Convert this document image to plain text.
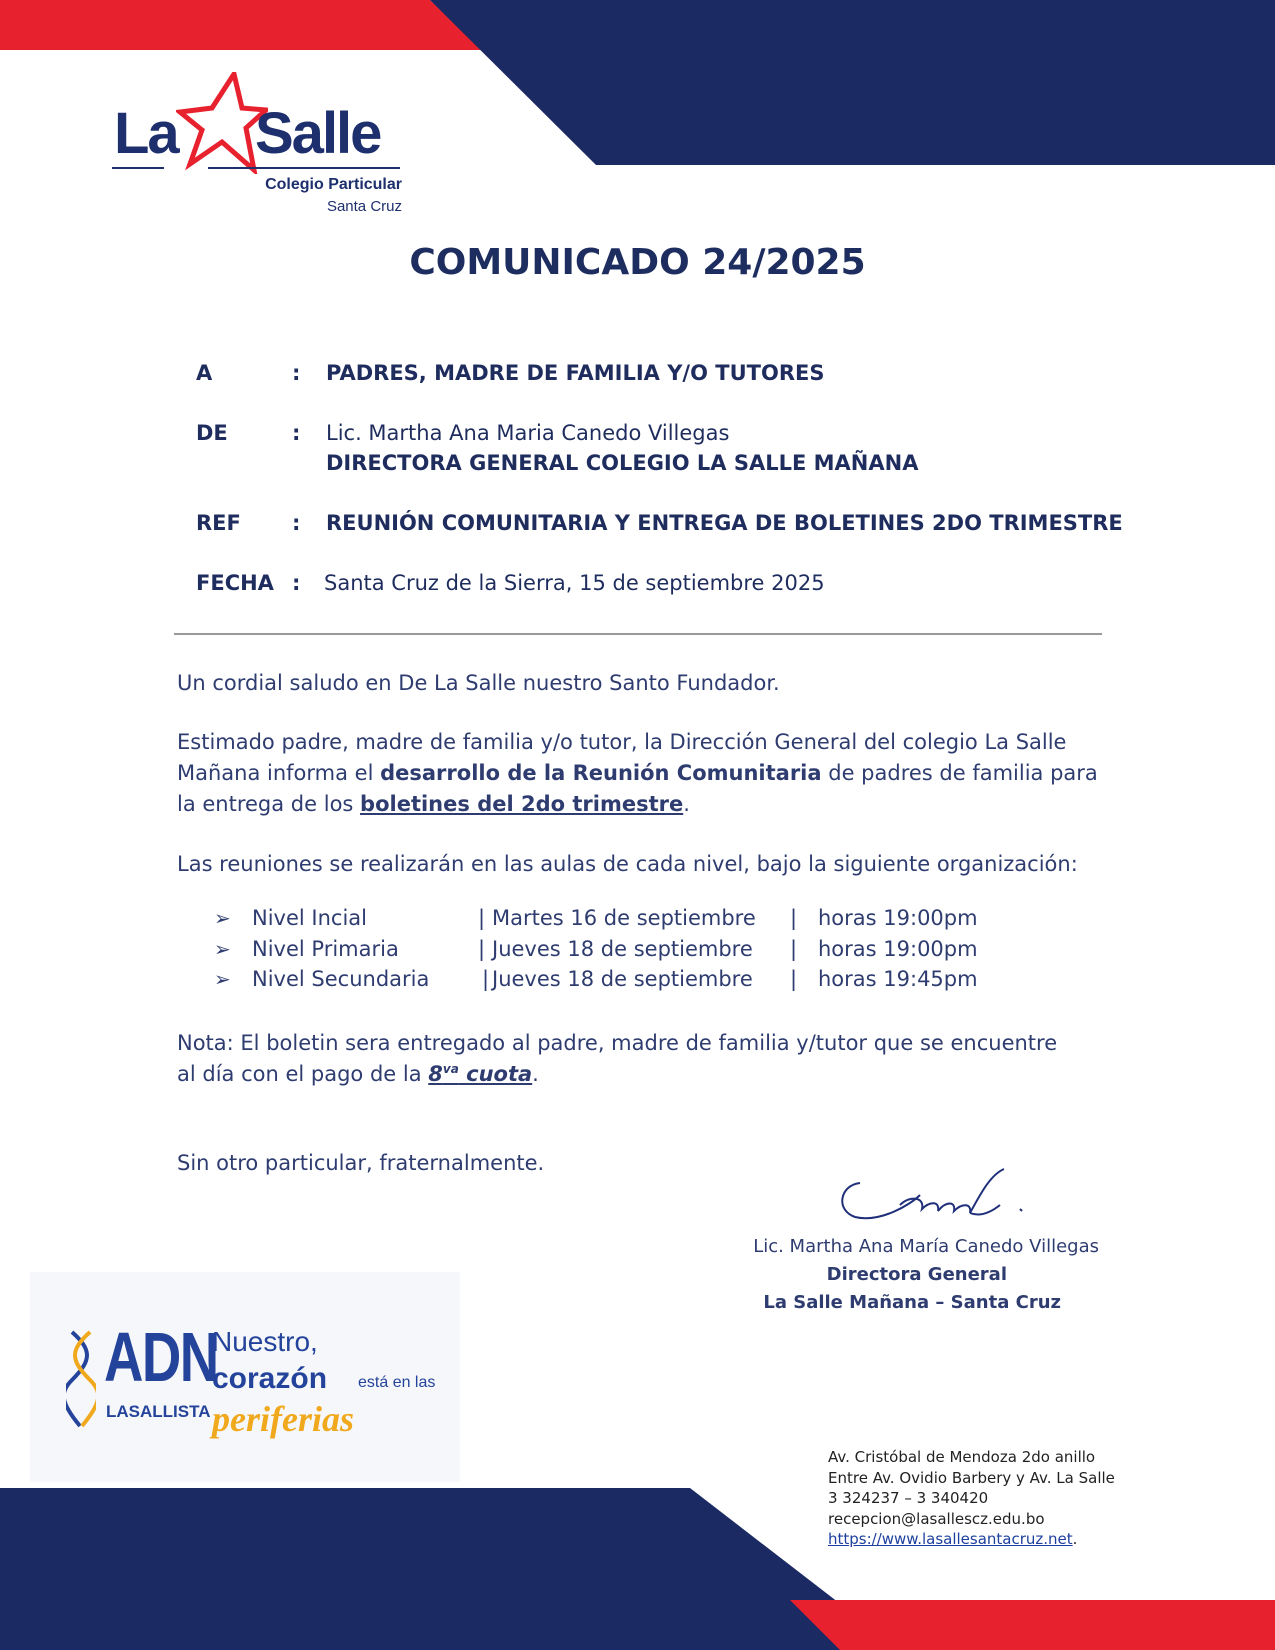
La Salle
Colegio Particular
Santa Cruz
COMUNICADO 24/2025
A	: PADRES, MADRE DE FAMILIA Y/O TUTORES
DE	: Lic. Martha Ana Maria Canedo Villegas
DIRECTORA GENERAL COLEGIO LA SALLE MAÑANA
REF : REUNIÓN COMUNITARIA Y ENTREGA DE BOLETINES 2DO TRIMESTRE
FECHA : Santa Cruz de la Sierra, 15 de septiembre 2025

Un cordial saludo en De La Salle nuestro Santo Fundador.

Estimado padre, madre de familia y/o tutor, la Dirección General del colegio La Salle
Mañana informa el desarrollo de la Reunión Comunitaria de padres de familia para
la entrega de los boletines del 2do trimestre.

Las reuniones se realizarán en las aulas de cada nivel, bajo la siguiente organización:

➢ Nivel Incial	| Martes 16 de septiembre | horas 19:00pm
➢ Nivel Primaria	| Jueves 18 de septiembre | horas 19:00pm
➢ Nivel Secundaria	| Jueves 18 de septiembre | horas 19:45pm
Nota: El boletin sera entregado al padre, madre de familia y/tutor que se encuentre
al día con el pago de la $8^{va}$ cuota.

Sin otro particular, fraternalmente.

Lic. Martha Ana María Canedo Villegas
Directora General
La Salle Mañana – Santa Cruz
ADN
LASALLISTA
Nuestro,
corazón está en las
periferias
Av. Cristóbal de Mendoza 2do anillo
Entre Av. Ovidio Barbery y Av. La Salle
3 324237 – 3 340420
recepcion@lasallescz.edu.bo
https://www.lasallesantacruz.net.
